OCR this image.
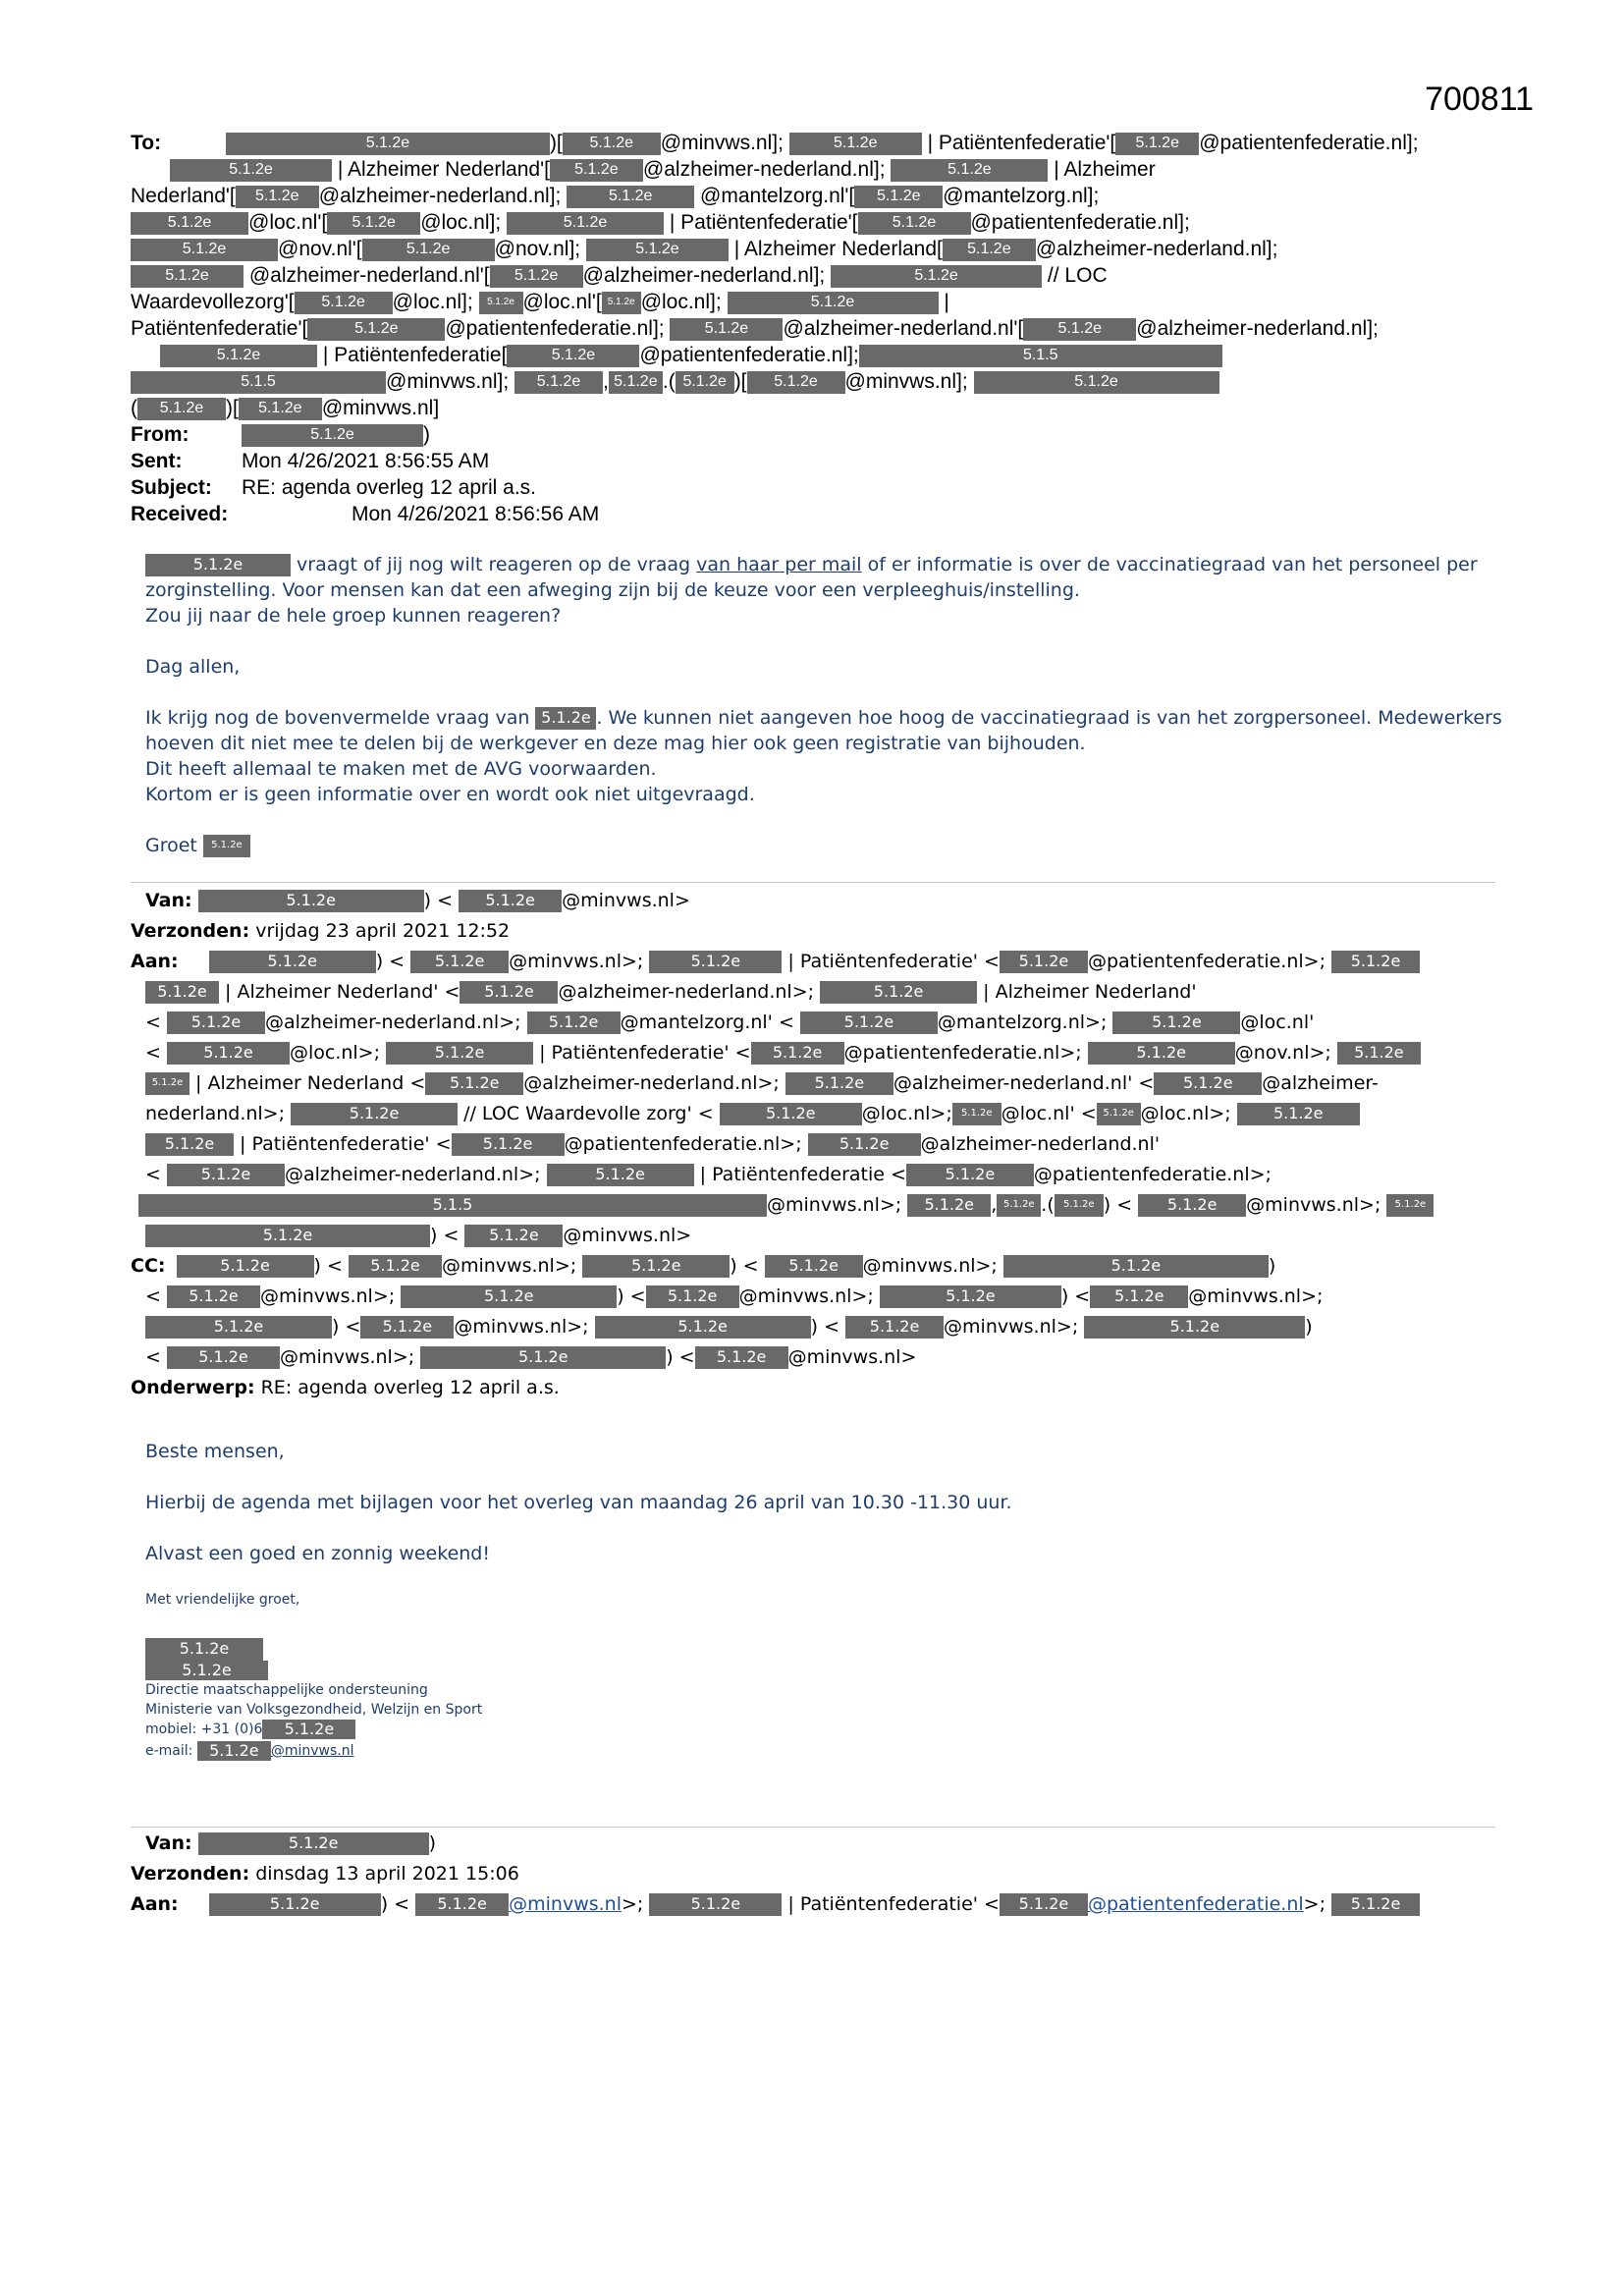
700811
To:	5.1.2e	)[ 5.1.2e @minvws.nl];	5.1.2e | Patiëntenfederatie'[ 5.1.2e @patientenfederatie.nl];
5.1.2e	| Alzheimer Nederland'[ 5.1.2e @alzheimer-nederland.nl];	5.1.2e	| Alzheimer
Nederland'[ 5.1.2e @alzheimer-nederland.nl];	5.1.2e @mantelzorg.nl'[ 5.1.2e @mantelzorg.nl];
5.1.2e @loc.nl'[ 5.1.2e @loc.nl];	5.1.2e	| Patiëntenfederatie'[ 5.1.2e @patientenfederatie.nl];
5.1.2e	@nov.nl'[	5.1.2e @nov.nl];	5.1.2e	| Alzheimer Nederland[ 5.1.2e @alzheimer-nederland.nl];
5.1.2e @alzheimer-nederland.nl'[ 5.1.2e @alzheimer-nederland.nl];	5.1.2e	// LOC
Waardevollezorg'[ 5.1.2e @loc.nl]; 5.1.2e @loc.nl'[ 5.1.2e @loc.nl];	5.1.2e	|
Patiëntenfederatie'[	5.1.2e @patientenfederatie.nl];	5.1.2e @alzheimer-nederland.nl'[ 5.1.2e @alzheimer-nederland.nl];
5.1.2e	| Patiëntenfederatie[	5.1.2e @patientenfederatie.nl];	5.1.5
5.1.5	@minvws.nl]; 5.1.2e , 5.1.2e .( 5.1.2e )[ 5.1.2e @minvws.nl];	5.1.2e
( 5.1.2e )[ 5.1.2e @minvws.nl]
From:	5.1.2e	)
Sent:	Mon 4/26/2021 8:56:55 AM
Subject: RE: agenda overleg 12 april a.s.
Received:	Mon 4/26/2021 8:56:56 AM

5.1.2e	vraagt of jij nog wilt reageren op de vraag van haar per mail of er informatie is over de vaccinatiegraad van het personeel per zorginstelling. Voor mensen kan dat een afweging zijn bij de keuze voor een verpleeghuis/instelling.

Zou jij naar de hele groep kunnen reageren?

Dag allen,

Ik krijg nog de bovenvermelde vraag van 5.1.2e . We kunnen niet aangeven hoe hoog de vaccinatiegraad is van het zorgpersoneel. Medewerkers hoeven dit niet mee te delen bij de werkgever en deze mag hier ook geen registratie van bijhouden.

Dit heeft allemaal te maken met de AVG voorwaarden.

Kortom er is geen informatie over en wordt ook niet uitgevraagd.

Groet 5.1.2e

Van:	5.1.2e	) < 5.1.2e @minvws.nl>
Verzonden: vrijdag 23 april 2021 12:52
Aan:	5.1.2e	) < 5.1.2e @minvws.nl>;	5.1.2e	| Patiëntenfederatie' < 5.1.2e @patientenfederatie.nl>; 5.1.2e
5.1.2e | Alzheimer Nederland' < 5.1.2e @alzheimer-nederland.nl>;	5.1.2e	| Alzheimer Nederland'
< 5.1.2e @alzheimer-nederland.nl>; 5.1.2e @mantelzorg.nl' <	5.1.2e @mantelzorg.nl>;	5.1.2e @loc.nl'
<	5.1.2e @loc.nl>;	5.1.2e	| Patiëntenfederatie' < 5.1.2e @patientenfederatie.nl>;	5.1.2e	@nov.nl>; 5.1.2e
5.1.2e | Alzheimer Nederland < 5.1.2e @alzheimer-nederland.nl>; 5.1.2e @alzheimer-nederland.nl' < 5.1.2e @alzheimer-
nederland.nl>;	5.1.2e	// LOC Waardevolle zorg' <	5.1.2e @loc.nl>; 5.1.2e @loc.nl' < 5.1.2e @loc.nl>;	5.1.2e
5.1.2e | Patiëntenfederatie' < 5.1.2e @patientenfederatie.nl>; 5.1.2e @alzheimer-nederland.nl'
<	5.1.2e @alzheimer-nederland.nl>;	5.1.2e	| Patiëntenfederatie < 5.1.2e @patientenfederatie.nl>;
5.1.5	@minvws.nl>; 5.1.2e , 5.1.2e .( 5.1.2e ) < 5.1.2e @minvws.nl>; 5.1.2e
5.1.2e	) < 5.1.2e @minvws.nl>
CC:	5.1.2e ) < 5.1.2e @minvws.nl>;	5.1.2e	) < 5.1.2e @minvws.nl>;	5.1.2e	)
< 5.1.2e @minvws.nl>;	5.1.2e	) < 5.1.2e @minvws.nl>;	5.1.2e	) < 5.1.2e @minvws.nl>;
5.1.2e	) < 5.1.2e @minvws.nl>;	5.1.2e	) < 5.1.2e @minvws.nl>;	5.1.2e	)
< 5.1.2e @minvws.nl>;	5.1.2e	) < 5.1.2e @minvws.nl>
Onderwerp: RE: agenda overleg 12 april a.s.

Beste mensen,

Hierbij de agenda met bijlagen voor het overleg van maandag 26 april van 10.30 -11.30 uur.

Alvast een goed en zonnig weekend!

Met vriendelijke groet,
5.1.2e
5.1.2e
Directie maatschappelijke ondersteuning
Ministerie van Volksgezondheid, Welzijn en Sport
mobiel: +31 (0)6 5.1.2e
e-mail: 5.1.2e @minvws.nl
Van:	5.1.2e	)
Verzonden: dinsdag 13 april 2021 15:06
Aan:	5.1.2e	) < 5.1.2e @minvws.nl>;	5.1.2e	| Patiëntenfederatie' < 5.1.2e @patientenfederatie.nl>; 5.1.2e
